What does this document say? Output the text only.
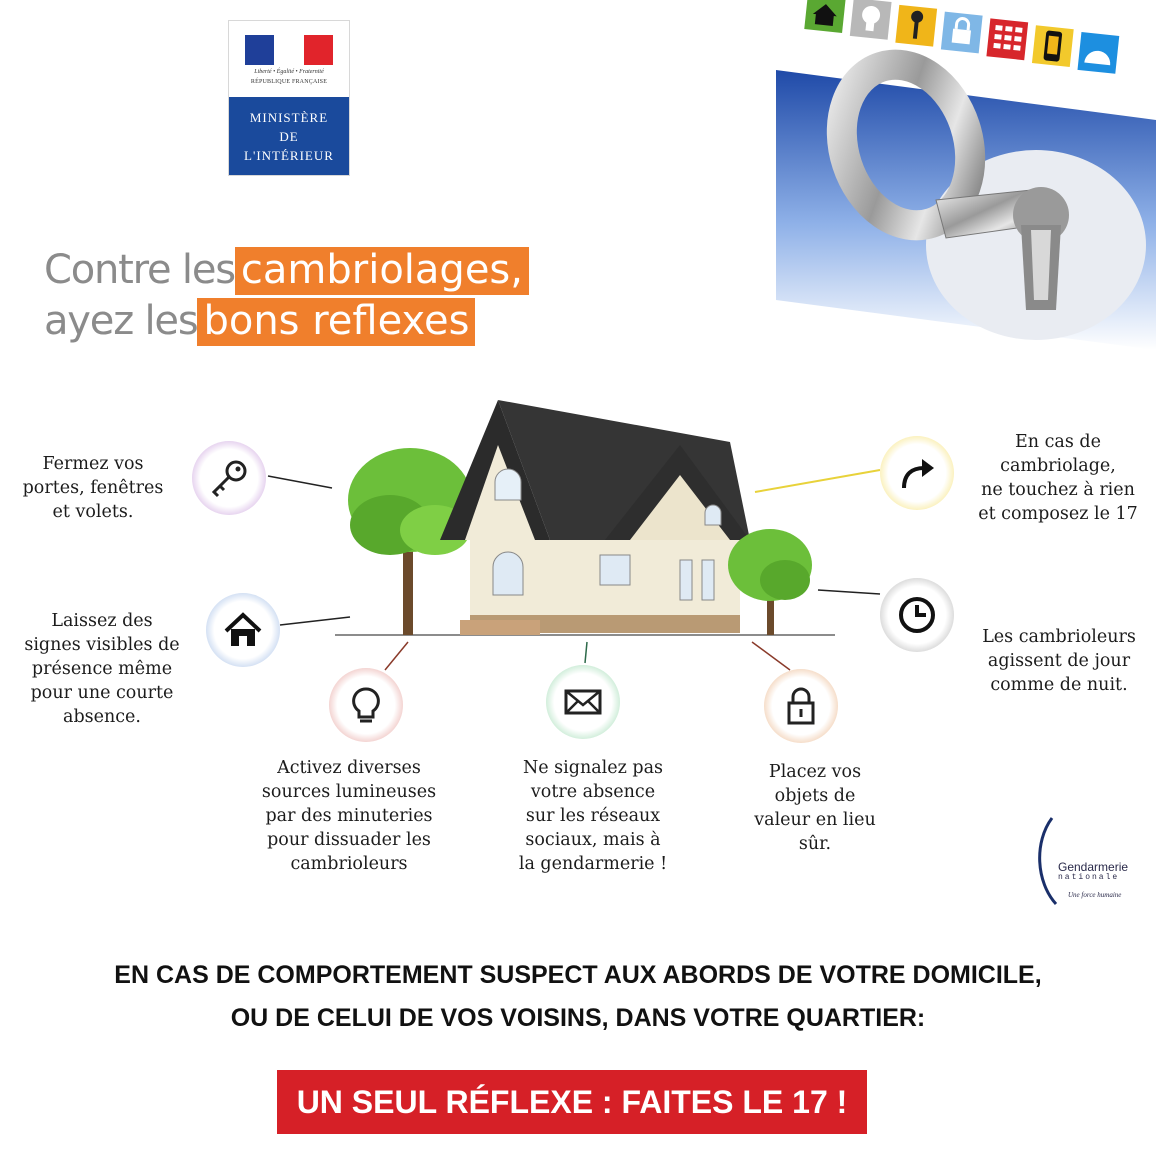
Liberté • Égalité • Fraternité
RÉPUBLIQUE FRANÇAISE
MINISTÈRE
DE
L'INTÉRIEUR
Contre les cambriolages,
ayez les bons reflexes
Fermez vos
portes, fenêtres
et volets.
Laissez des
signes visibles de
présence même
pour une courte
absence.
Activez diverses
sources lumineuses
par des minuteries
pour dissuader les
cambrioleurs
Ne signalez pas
votre absence
sur les réseaux
sociaux, mais à
la gendarmerie !
Placez vos
objets de
valeur en lieu
sûr.
En cas de
cambriolage,
ne touchez à rien
et composez le 17
Les cambrioleurs
agissent de jour
comme de nuit.
Gendarmerie
nationale
Une force humaine
EN CAS DE COMPORTEMENT SUSPECT AUX ABORDS DE VOTRE DOMICILE,
OU DE CELUI DE VOS VOISINS, DANS VOTRE QUARTIER:
UN SEUL RÉFLEXE : FAITES LE 17 !
